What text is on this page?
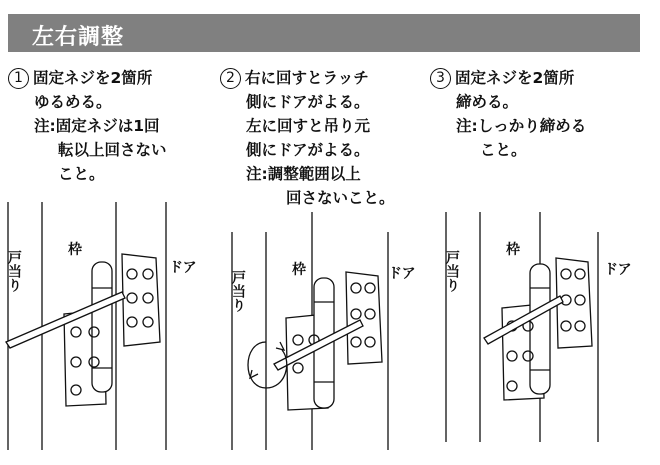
左右調整
1 固定ネジを2箇所
ゆるめる。
注:固定ネジは1回
転以上回さない
こと。
2 右に回すとラッチ
側にドアがよる。
左に回すと吊り元
側にドアがよる。
注:調整範囲以上
回さないこと。
3 固定ネジを2箇所
締める。
注:しっかり締める
こと。
戸当り	枠
ドア
戸当り	枠	ドア 戸当り	枠
ドア
